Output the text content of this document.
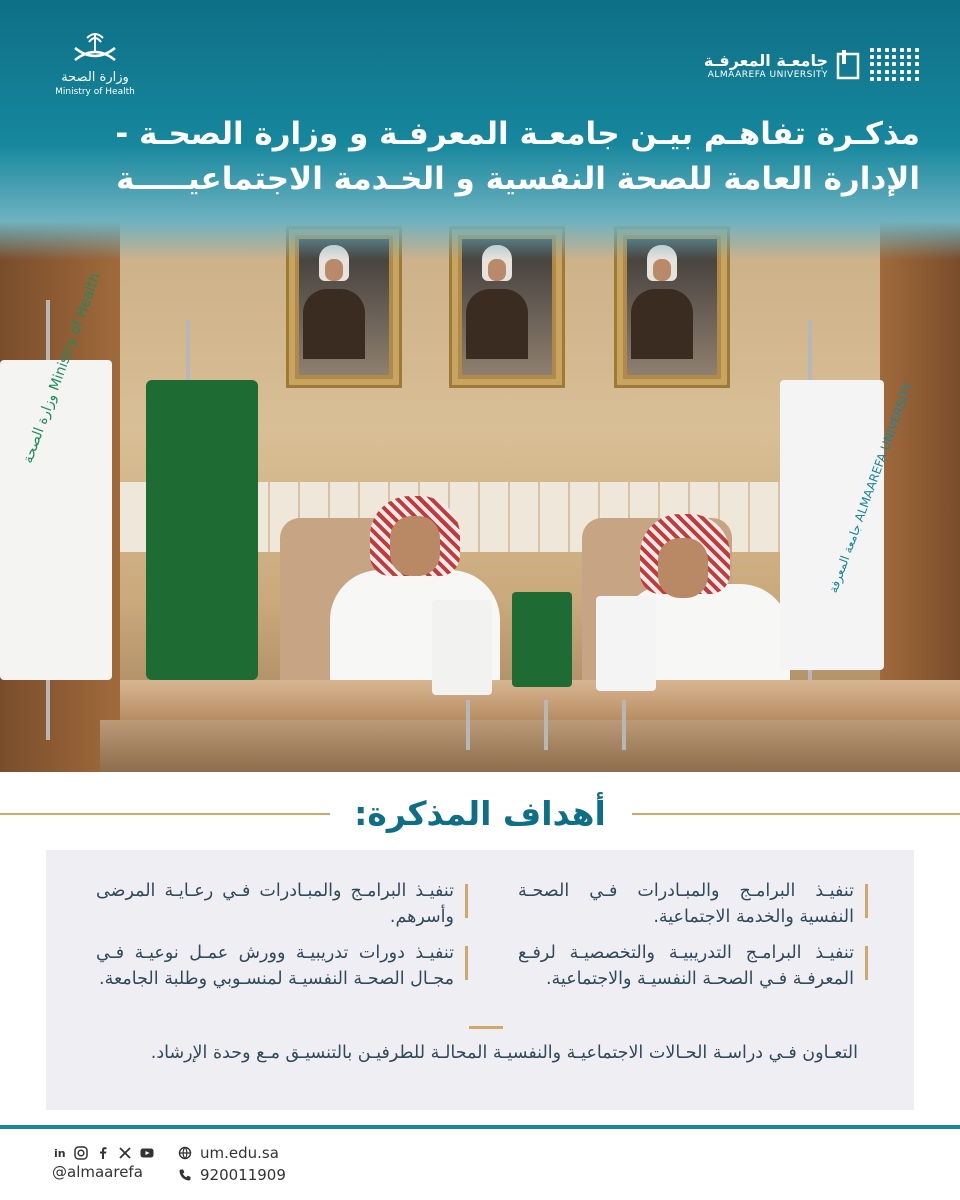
وزارة الصحة
Ministry of Health
جامعـة المعرفـة
ALMAAREFA UNIVERSITY
مذكـرة تفاهـم بيـن جامعـة المعرفـة و وزارة الصحـة -
الإدارة العامة للصحة النفسية و الخـدمة الاجتماعيـــــة
وزارة الصحة Ministry of Health
جامعة المعرفة ALMAAREFA UNIVERSITY
أهداف المذكرة:
تنفيـذ البرامـج والمبـادرات فـي الصحـة النفسية والخدمة الاجتماعية.
تنفيـذ البرامـج التدريبيـة والتخصصيـة لرفـع المعرفـة فـي الصحـة النفسيـة والاجتماعية.
تنفيـذ البرامـج والمبـادرات فـي رعـايـة المرضى وأسرهم.
تنفيـذ دورات تدريبيـة وورش عمـل نوعيـة فـي مجـال الصحـة النفسيـة لمنسـوبي وطلبة الجامعة.
التعـاون فـي دراسـة الحـالات الاجتماعيـة والنفسيـة المحالـة للطرفيـن بالتنسيـق مـع وحدة الإرشاد.
in
@almaarefa
um.edu.sa
920011909
